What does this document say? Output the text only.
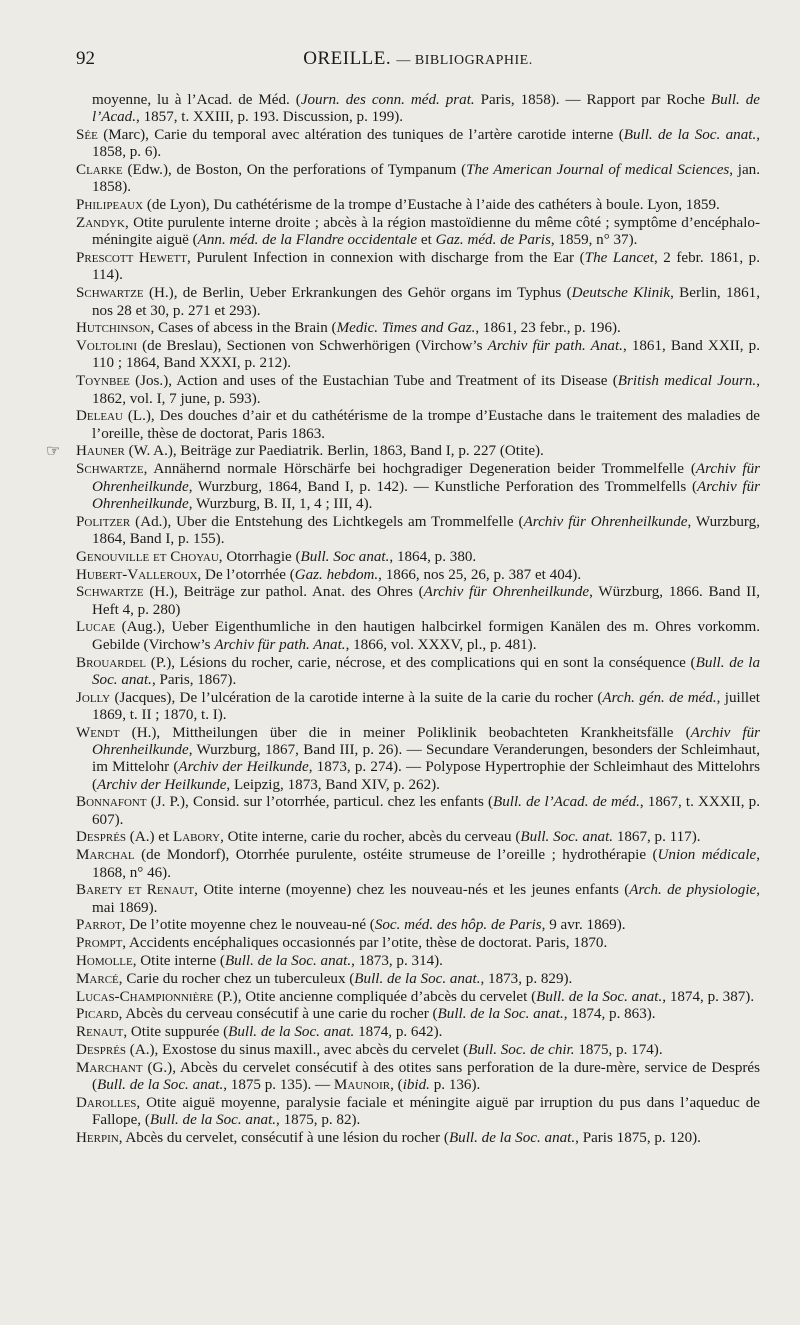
92	OREILLE. — BIBLIOGRAPHIE.

moyenne, lu à l’Acad. de Méd. (Journ. des conn. méd. prat. Paris, 1858). — Rapport par Roche Bull. de l’Acad., 1857, t. XXIII, p. 193. Discussion, p. 199).

Sée (Marc), Carie du temporal avec altération des tuniques de l’artère carotide interne (Bull. de la Soc. anat., 1858, p. 6).

Clarke (Edw.), de Boston, On the perforations of Tympanum (The American Journal of medical Sciences, jan. 1858).

Philipeaux (de Lyon), Du cathétérisme de la trompe d’Eustache à l’aide des cathéters à boule. Lyon, 1859.

Zandyk, Otite purulente interne droite ; abcès à la région mastoïdienne du même côté ; symptôme d’encéphalo-méningite aiguë (Ann. méd. de la Flandre occidentale et Gaz. méd. de Paris, 1859, n° 37).

Prescott Hewett, Purulent Infection in connexion with discharge from the Ear (The Lancet, 2 febr. 1861, p. 114).

Schwartze (H.), de Berlin, Ueber Erkrankungen des Gehör organs im Typhus (Deutsche Klinik, Berlin, 1861, nos 28 et 30, p. 271 et 293).

Hutchinson, Cases of abcess in the Brain (Medic. Times and Gaz., 1861, 23 febr., p. 196).

Voltolini (de Breslau), Sectionen von Schwerhörigen (Virchow’s Archiv für path. Anat., 1861, Band XXII, p. 110 ; 1864, Band XXXI, p. 212).

Toynbee (Jos.), Action and uses of the Eustachian Tube and Treatment of its Disease (British medical Journ., 1862, vol. I, 7 june, p. 593).

Deleau (L.), Des douches d’air et du cathétérisme de la trompe d’Eustache dans le traitement des maladies de l’oreille, thèse de doctorat, Paris 1863.

☞ Hauner (W. A.), Beiträge zur Paediatrik. Berlin, 1863, Band I, p. 227 (Otite).

Schwartze, Annähernd normale Hörschärfe bei hochgradiger Degeneration beider Trommelfelle (Archiv für Ohrenheilkunde, Wurzburg, 1864, Band I, p. 142). — Kunstliche Perforation des Trommelfells (Archiv für Ohrenheilkunde, Wurzburg, B. II, 1, 4 ; III, 4).

Politzer (Ad.), Uber die Entstehung des Lichtkegels am Trommelfelle (Archiv für Ohrenheilkunde, Wurzburg, 1864, Band I, p. 155).

Genouville et Choyau, Otorrhagie (Bull. Soc anat., 1864, p. 380.

Hubert-Valleroux, De l’otorrhée (Gaz. hebdom., 1866, nos 25, 26, p. 387 et 404).

Schwartze (H.), Beiträge zur pathol. Anat. des Ohres (Archiv für Ohrenheilkunde, Würzburg, 1866. Band II, Heft 4, p. 280)

Lucae (Aug.), Ueber Eigenthumliche in den hautigen halbcirkel formigen Kanälen des m. Ohres vorkomm. Gebilde (Virchow’s Archiv für path. Anat., 1866, vol. XXXV, pl., p. 481).

Brouardel (P.), Lésions du rocher, carie, nécrose, et des complications qui en sont la conséquence (Bull. de la Soc. anat., Paris, 1867).

Jolly (Jacques), De l’ulcération de la carotide interne à la suite de la carie du rocher (Arch. gén. de méd., juillet 1869, t. II ; 1870, t. I).

Wendt (H.), Mittheilungen über die in meiner Poliklinik beobachteten Krankheitsfälle (Archiv für Ohrenheilkunde, Wurzburg, 1867, Band III, p. 26). — Secundare Veranderungen, besonders der Schleimhaut, im Mittelohr (Archiv der Heilkunde, 1873, p. 274). — Polypose Hypertrophie der Schleimhaut des Mittelohrs (Archiv der Heilkunde, Leipzig, 1873, Band XIV, p. 262).

Bonnafont (J. P.), Consid. sur l’otorrhée, particul. chez les enfants (Bull. de l’Acad. de méd., 1867, t. XXXII, p. 607).

Després (A.) et Labory, Otite interne, carie du rocher, abcès du cerveau (Bull. Soc. anat. 1867, p. 117).

Marchal (de Mondorf), Otorrhée purulente, ostéite strumeuse de l’oreille ; hydrothérapie (Union médicale, 1868, n° 46).

Barety et Renaut, Otite interne (moyenne) chez les nouveau-nés et les jeunes enfants (Arch. de physiologie, mai 1869).

Parrot, De l’otite moyenne chez le nouveau-né (Soc. méd. des hôp. de Paris, 9 avr. 1869).

Prompt, Accidents encéphaliques occasionnés par l’otite, thèse de doctorat. Paris, 1870.

Homolle, Otite interne (Bull. de la Soc. anat., 1873, p. 314).

Marcé, Carie du rocher chez un tuberculeux (Bull. de la Soc. anat., 1873, p. 829).

Lucas-Championnière (P.), Otite ancienne compliquée d’abcès du cervelet (Bull. de la Soc. anat., 1874, p. 387).

Picard, Abcès du cerveau consécutif à une carie du rocher (Bull. de la Soc. anat., 1874, p. 863).

Renaut, Otite suppurée (Bull. de la Soc. anat. 1874, p. 642).

Després (A.), Exostose du sinus maxill., avec abcès du cervelet (Bull. Soc. de chir. 1875, p. 174).

Marchant (G.), Abcès du cervelet consécutif à des otites sans perforation de la dure-mère, service de Després (Bull. de la Soc. anat., 1875 p. 135). — Maunoir, (ibid. p. 136).

Darolles, Otite aiguë moyenne, paralysie faciale et méningite aiguë par irruption du pus dans l’aqueduc de Fallope, (Bull. de la Soc. anat., 1875, p. 82).

Herpin, Abcès du cervelet, consécutif à une lésion du rocher (Bull. de la Soc. anat., Paris 1875, p. 120).
